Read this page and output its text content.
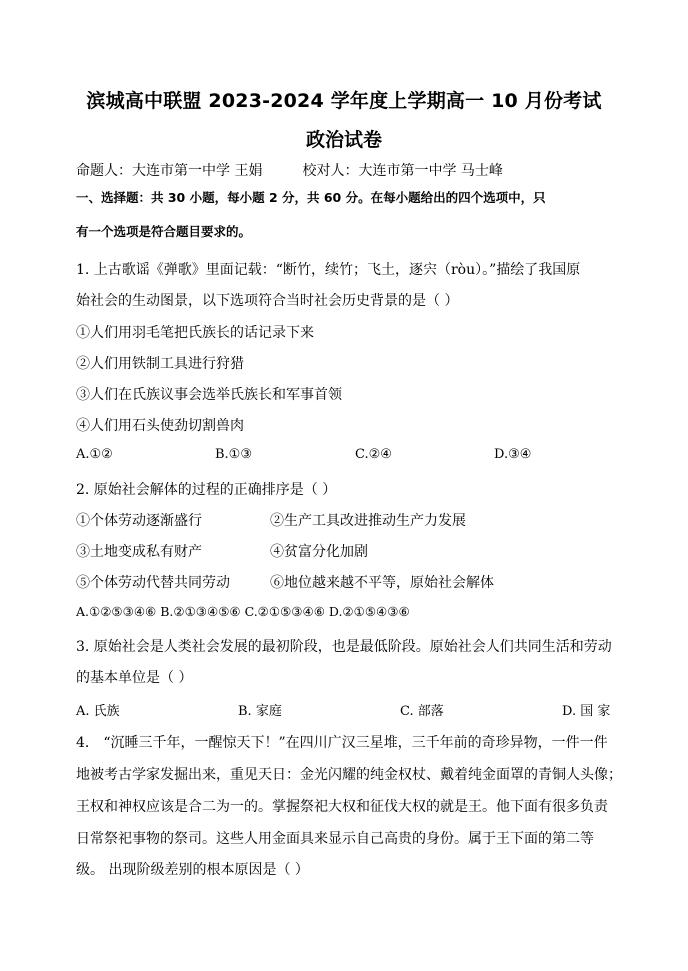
滨城高中联盟 2023-2024 学年度上学期高一 10 月份考试
政治试卷
命题人：大连市第一中学 王娟	校对人：大连市第一中学 马士峰
一、选择题：共 30 小题，每小题 2 分，共 60 分。在每小题给出的四个选项中，只
有一个选项是符合题目要求的。
1. 上古歌谣《弹歌》里面记载：“断竹，续竹；飞土，逐宍（ròu）。”描绘了我国原
始社会的生动图景，以下选项符合当时社会历史背景的是（ ）
①人们用羽毛笔把氏族长的话记录下来
②人们用铁制工具进行狩猎
③人们在氏族议事会选举氏族长和军事首领
④人们用石头使劲切割兽肉
A.①②	B.①③	C.②④	D.③④
2. 原始社会解体的过程的正确排序是（ ）
①个体劳动逐渐盛行	②生产工具改进推动生产力发展
③土地变成私有财产	④贫富分化加剧
⑤个体劳动代替共同劳动	⑥地位越来越不平等，原始社会解体
A.①②⑤③④⑥ B.②①③④⑤⑥ C.②①⑤③④⑥ D.②①⑤④③⑥
3. 原始社会是人类社会发展的最初阶段，也是最低阶段。原始社会人们共同生活和劳动
的基本单位是（ ）
A. 氏族	B. 家庭	C. 部落	D. 国 家
4． “沉睡三千年，一醒惊天下！”在四川广汉三星堆，三千年前的奇珍异物，一件一件
地被考古学家发掘出来，重见天日：金光闪耀的纯金权杖、戴着纯金面罩的青铜人头像；
王权和神权应该是合二为一的。掌握祭祀大权和征伐大权的就是王。他下面有很多负责
日常祭祀事物的祭司。这些人用金面具来显示自己高贵的身份。属于王下面的第二等
级。 出现阶级差别的根本原因是（ ）
